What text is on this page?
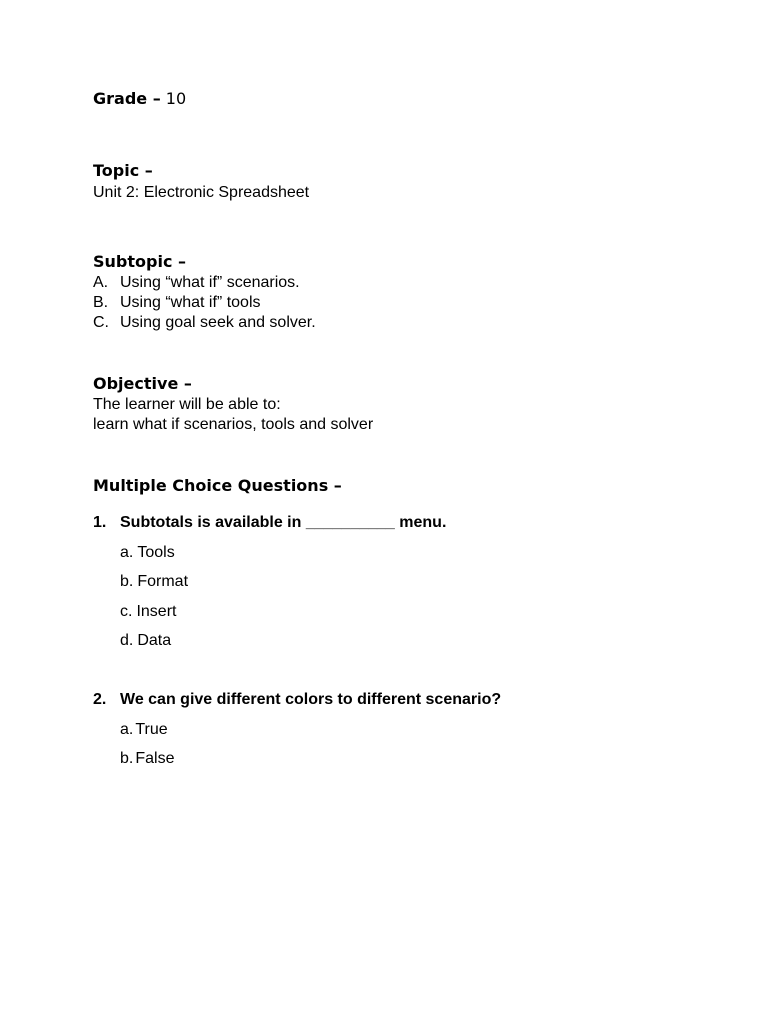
Grade – 10
Topic –
Unit 2: Electronic Spreadsheet
Subtopic –
A. Using “what if” scenarios.
B. Using “what if” tools
C. Using goal seek and solver.
Objective –
The learner will be able to:
learn what if scenarios, tools and solver
Multiple Choice Questions –
1. Subtotals is available in __________ menu.
a. Tools
b. Format
c. Insert
d. Data
2. We can give different colors to different scenario?
a. True
b. False
